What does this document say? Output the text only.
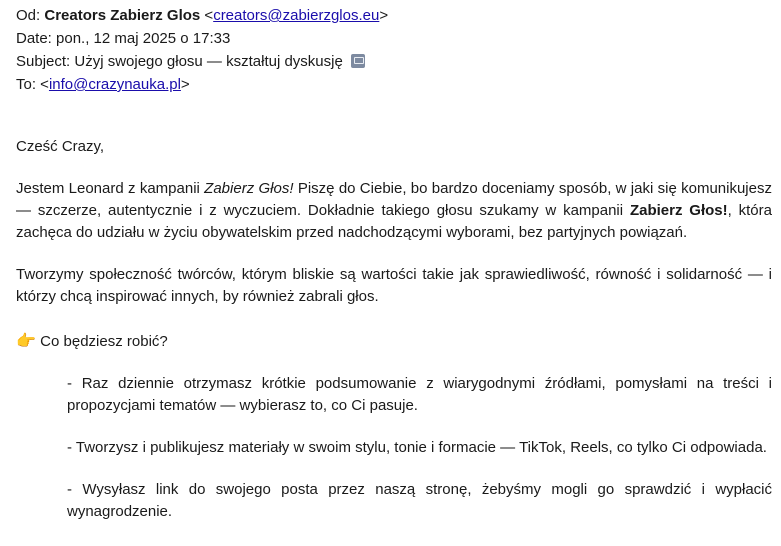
Od: Creators Zabierz Glos <creators@zabierzglos.eu>
Date: pon., 12 maj 2025 o 17:33
Subject: Użyj swojego głosu — kształtuj dyskusję
To: <info@crazynauka.pl>

Cześć Crazy,

Jestem Leonard z kampanii Zabierz Głos! Piszę do Ciebie, bo bardzo doceniamy sposób, w jaki się komunikujesz — szczerze, autentycznie i z wyczuciem. Dokładnie takiego głosu szukamy w kampanii Zabierz Głos!, która zachęca do udziału w życiu obywatelskim przed nadchodzącymi wyborami, bez partyjnych powiązań.

Tworzymy społeczność twórców, którym bliskie są wartości takie jak sprawiedliwość, równość i solidarność — i którzy chcą inspirować innych, by również zabrali głos.

👉 Co będziesz robić?

- Raz dziennie otrzymasz krótkie podsumowanie z wiarygodnymi źródłami, pomysłami na treści i propozycjami tematów — wybierasz to, co Ci pasuje.

- Tworzysz i publikujesz materiały w swoim stylu, tonie i formacie — TikTok, Reels, co tylko Ci odpowiada.

- Wysyłasz link do swojego posta przez naszą stronę, żebyśmy mogli go sprawdzić i wypłacić wynagrodzenie.
